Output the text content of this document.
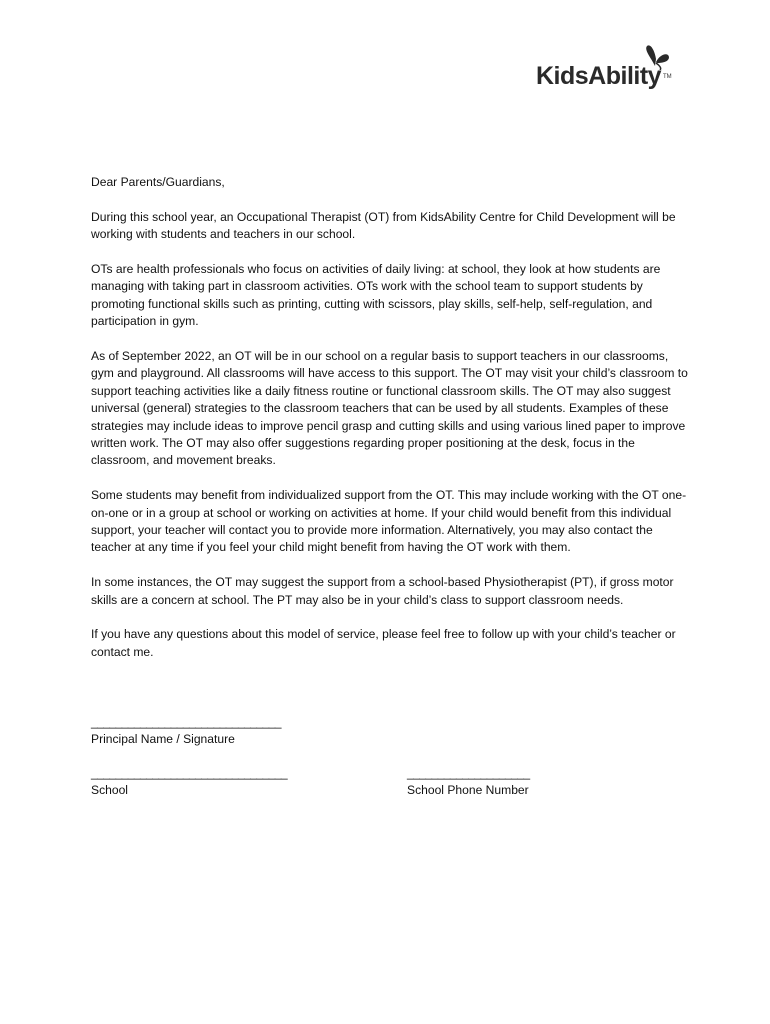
KidsAbility TM

Dear Parents/Guardians,

During this school year, an Occupational Therapist (OT) from KidsAbility Centre for Child Development will be working with students and teachers in our school.

OTs are health professionals who focus on activities of daily living: at school, they look at how students are managing with taking part in classroom activities. OTs work with the school team to support students by promoting functional skills such as printing, cutting with scissors, play skills, self-help, self-regulation, and participation in gym.

As of September 2022, an OT will be in our school on a regular basis to support teachers in our classrooms, gym and playground. All classrooms will have access to this support. The OT may visit your child’s classroom to support teaching activities like a daily fitness routine or functional classroom skills. The OT may also suggest universal (general) strategies to the classroom teachers that can be used by all students. Examples of these strategies may include ideas to improve pencil grasp and cutting skills and using various lined paper to improve written work. The OT may also offer suggestions regarding proper positioning at the desk, focus in the classroom, and movement breaks.

Some students may benefit from individualized support from the OT. This may include working with the OT one-on-one or in a group at school or working on activities at home. If your child would benefit from this individual support, your teacher will contact you to provide more information. Alternatively, you may also contact the teacher at any time if you feel your child might benefit from having the OT work with them.

In some instances, the OT may suggest the support from a school-based Physiotherapist (PT), if gross motor skills are a concern at school. The PT may also be in your child’s class to support classroom needs.

If you have any questions about this model of service, please feel free to follow up with your child’s teacher or contact me.

_______________________________
Principal Name / Signature
________________________________
School
____________________
School Phone Number
